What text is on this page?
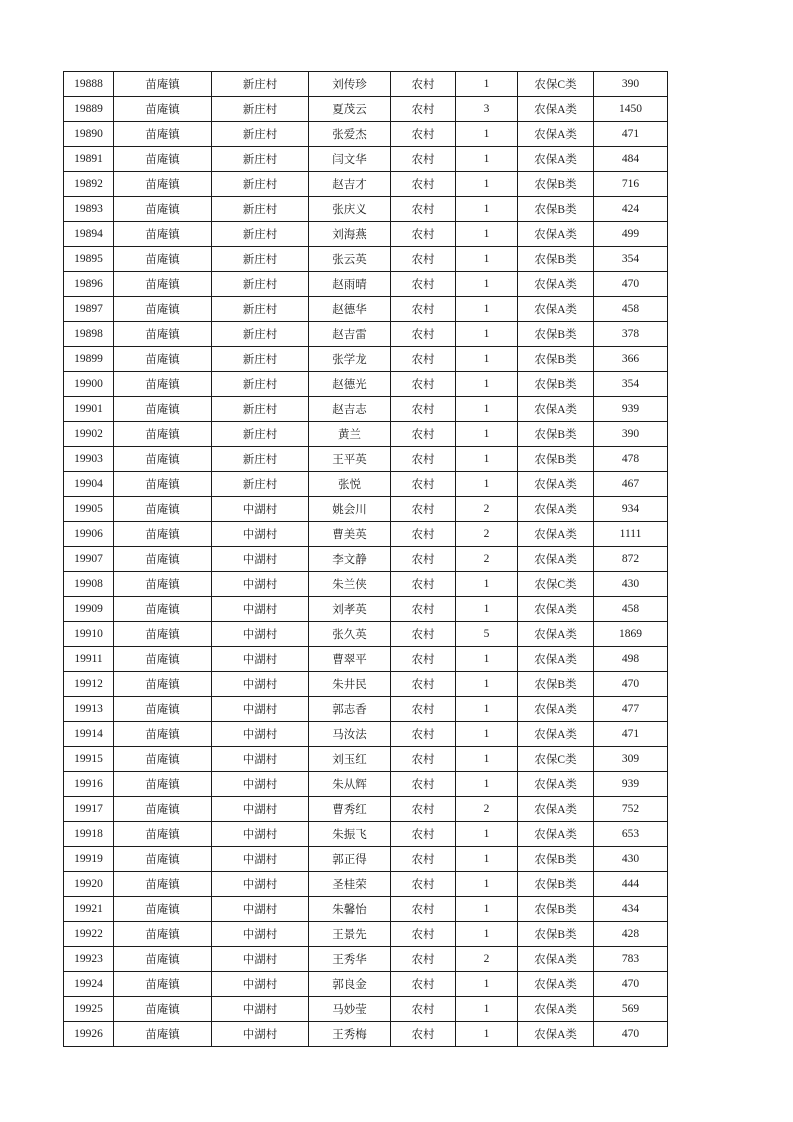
19888	苗庵镇	新庄村	刘传珍	农村	1	农保C类	390
19889	苗庵镇	新庄村	夏茂云	农村	3	农保A类	1450
19890	苗庵镇	新庄村	张爱杰	农村	1	农保A类	471
19891	苗庵镇	新庄村	闫文华	农村	1	农保A类	484
19892	苗庵镇	新庄村	赵吉才	农村	1	农保B类	716
19893	苗庵镇	新庄村	张庆义	农村	1	农保B类	424
19894	苗庵镇	新庄村	刘海燕	农村	1	农保A类	499
19895	苗庵镇	新庄村	张云英	农村	1	农保B类	354
19896	苗庵镇	新庄村	赵雨晴	农村	1	农保A类	470
19897	苗庵镇	新庄村	赵德华	农村	1	农保A类	458
19898	苗庵镇	新庄村	赵吉雷	农村	1	农保B类	378
19899	苗庵镇	新庄村	张学龙	农村	1	农保B类	366
19900	苗庵镇	新庄村	赵德光	农村	1	农保B类	354
19901	苗庵镇	新庄村	赵吉志	农村	1	农保A类	939
19902	苗庵镇	新庄村	黄兰	农村	1	农保B类	390
19903	苗庵镇	新庄村	王平英	农村	1	农保B类	478
19904	苗庵镇	新庄村	张悦	农村	1	农保A类	467
19905	苗庵镇	中湖村	姚会川	农村	2	农保A类	934
19906	苗庵镇	中湖村	曹美英	农村	2	农保A类	1111
19907	苗庵镇	中湖村	李文静	农村	2	农保A类	872
19908	苗庵镇	中湖村	朱兰侠	农村	1	农保C类	430
19909	苗庵镇	中湖村	刘孝英	农村	1	农保A类	458
19910	苗庵镇	中湖村	张久英	农村	5	农保A类	1869
19911	苗庵镇	中湖村	曹翠平	农村	1	农保A类	498
19912	苗庵镇	中湖村	朱井民	农村	1	农保B类	470
19913	苗庵镇	中湖村	郭志香	农村	1	农保A类	477
19914	苗庵镇	中湖村	马汝法	农村	1	农保A类	471
19915	苗庵镇	中湖村	刘玉红	农村	1	农保C类	309
19916	苗庵镇	中湖村	朱从辉	农村	1	农保A类	939
19917	苗庵镇	中湖村	曹秀红	农村	2	农保A类	752
19918	苗庵镇	中湖村	朱振飞	农村	1	农保A类	653
19919	苗庵镇	中湖村	郭正得	农村	1	农保B类	430
19920	苗庵镇	中湖村	圣桂荣	农村	1	农保B类	444
19921	苗庵镇	中湖村	朱馨怡	农村	1	农保B类	434
19922	苗庵镇	中湖村	王景先	农村	1	农保B类	428
19923	苗庵镇	中湖村	王秀华	农村	2	农保A类	783
19924	苗庵镇	中湖村	郭良金	农村	1	农保A类	470
19925	苗庵镇	中湖村	马妙莹	农村	1	农保A类	569
19926	苗庵镇	中湖村	王秀梅	农村	1	农保A类	470
